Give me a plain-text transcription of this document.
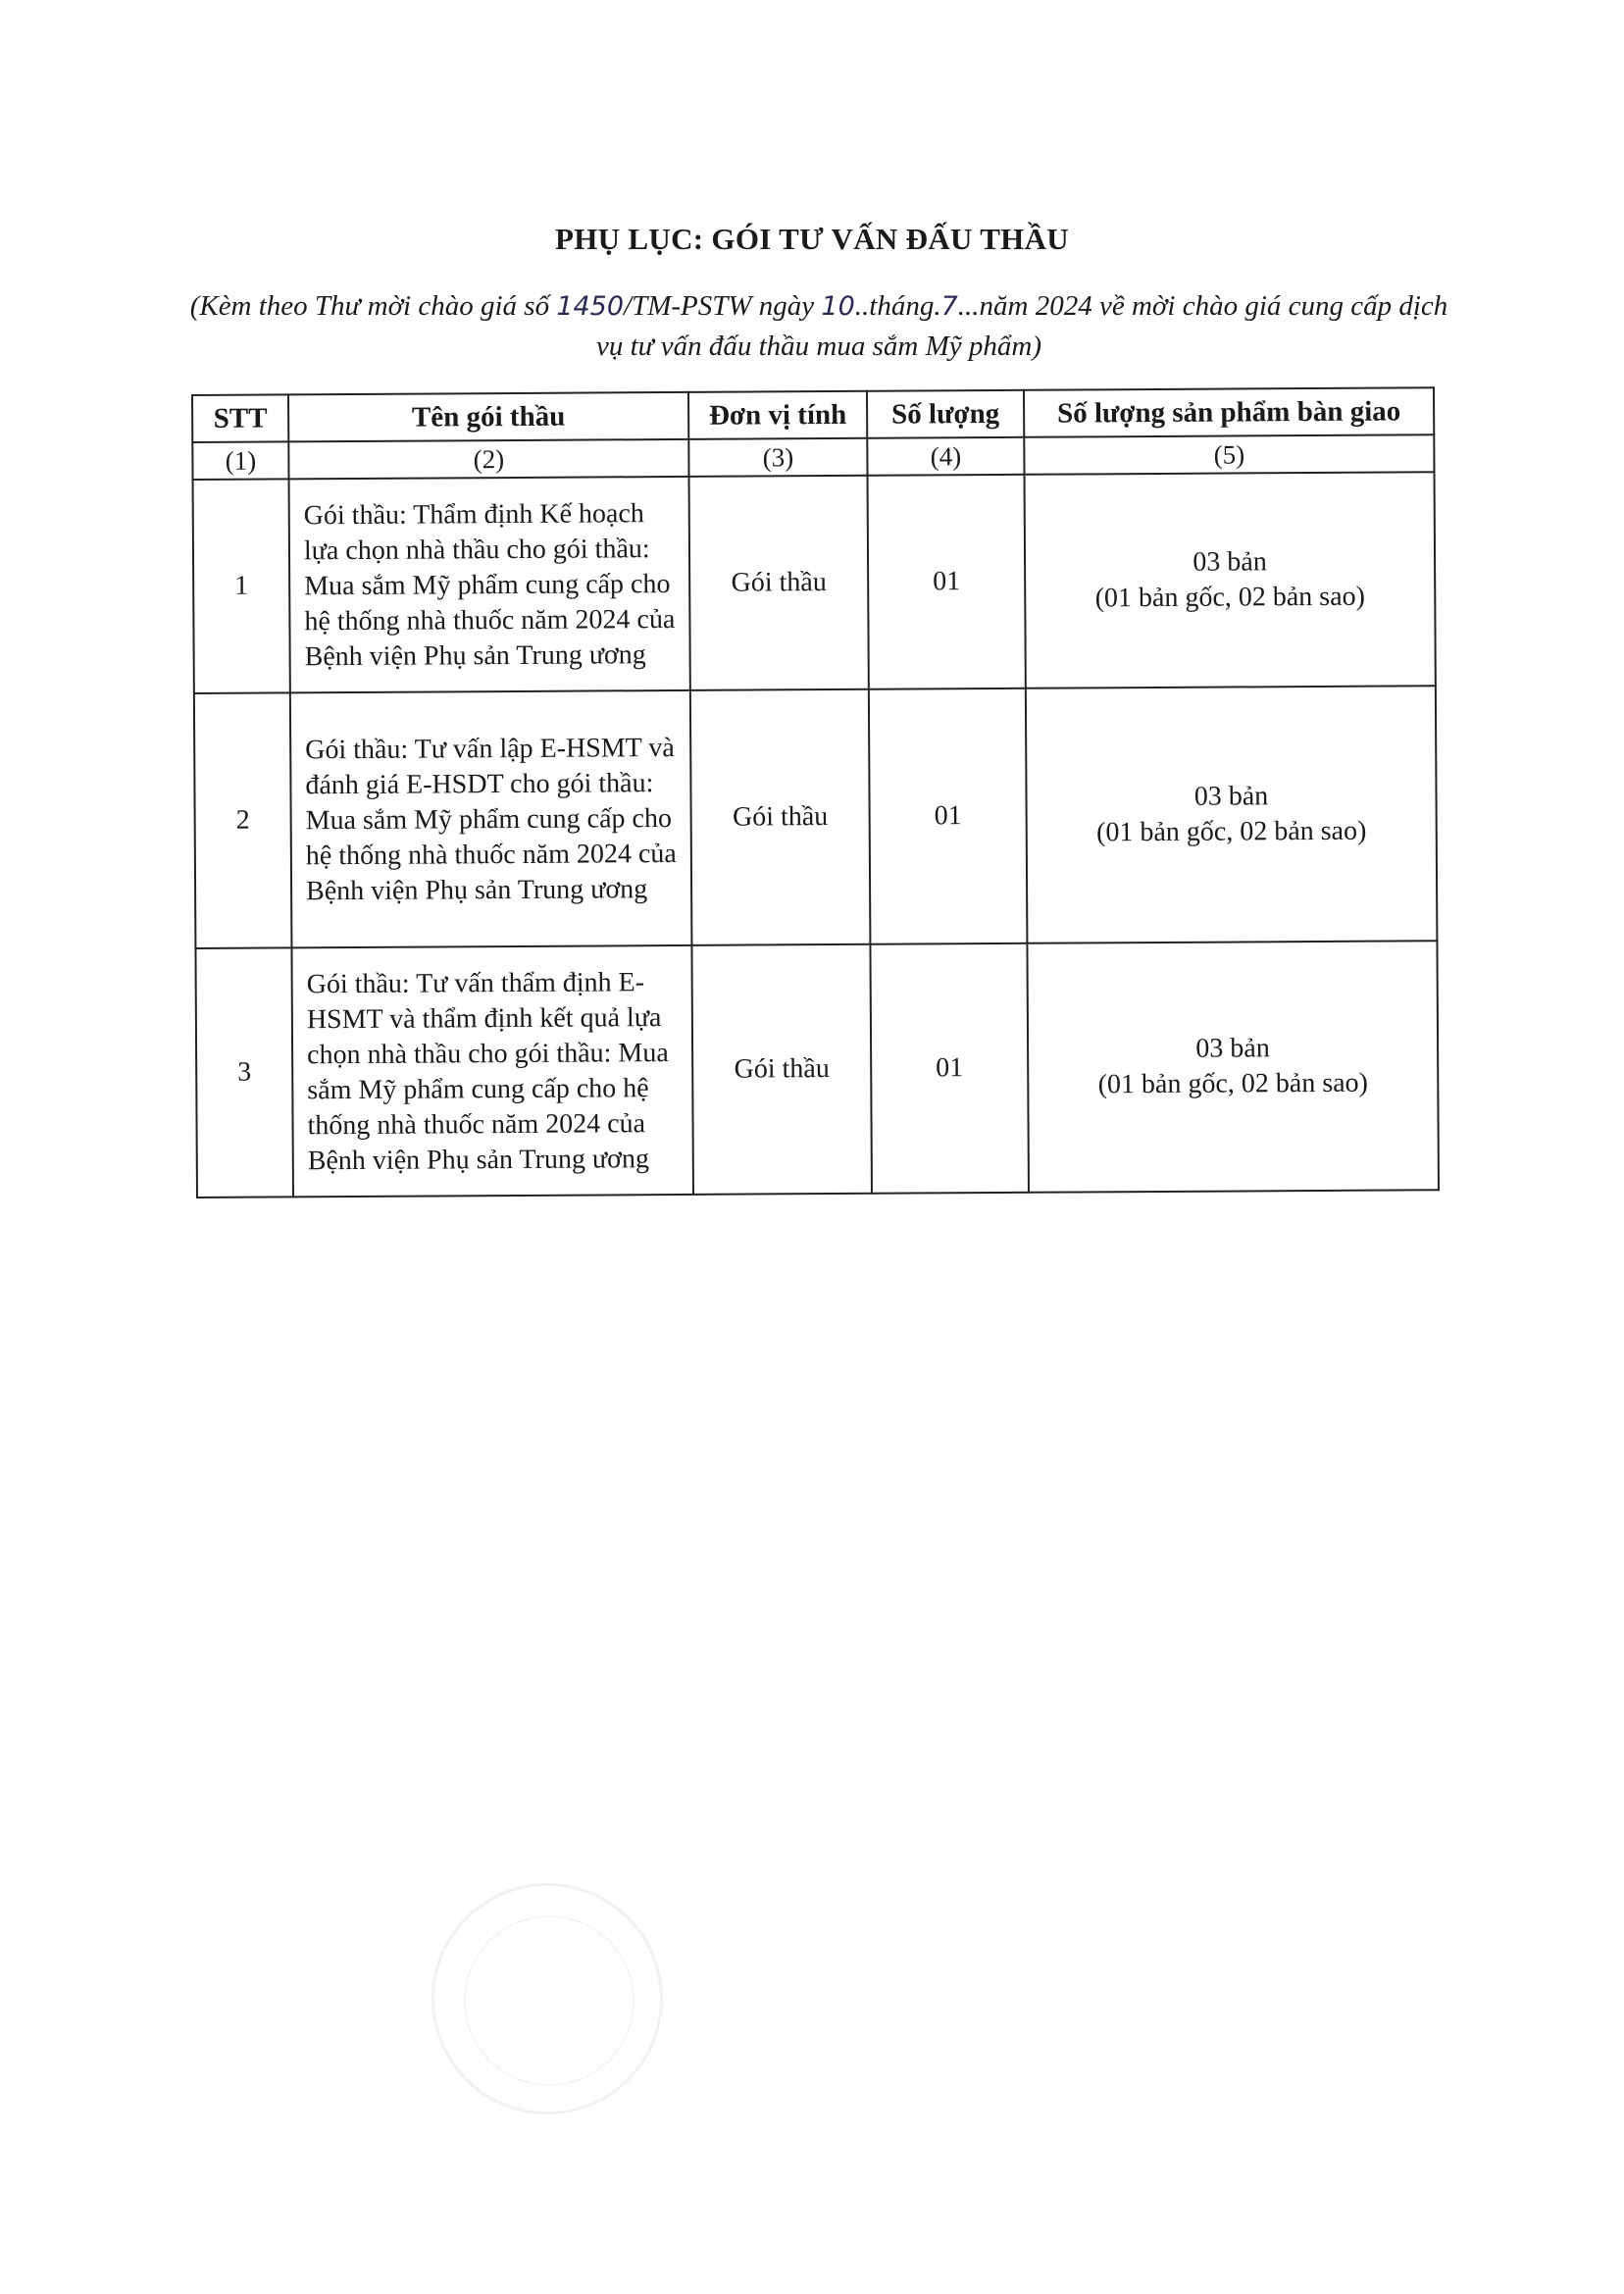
PHỤ LỤC: GÓI TƯ VẤN ĐẤU THẦU
(Kèm theo Thư mời chào giá số 1450/TM-PSTW ngày 10..tháng.7...năm 2024 về mời chào giá cung cấp dịch vụ tư vấn đấu thầu mua sắm Mỹ phẩm)
STT	Tên gói thầu	Đơn vị tính	Số lượng	Số lượng sản phẩm bàn giao
(1)	(2)	(3)	(4)	(5)
1	Gói thầu: Thẩm định Kế hoạch lựa chọn nhà thầu cho gói thầu: Mua sắm Mỹ phẩm cung cấp cho hệ thống nhà thuốc năm 2024 của Bệnh viện Phụ sản Trung ương	Gói thầu	01	03 bản
(01 bản gốc, 02 bản sao)

2	Gói thầu: Tư vấn lập E-HSMT và đánh giá E-HSDT cho gói thầu: Mua sắm Mỹ phẩm cung cấp cho hệ thống nhà thuốc năm 2024 của Bệnh viện Phụ sản Trung ương	Gói thầu	01	03 bản
(01 bản gốc, 02 bản sao)

3	Gói thầu: Tư vấn thẩm định E-HSMT và thẩm định kết quả lựa chọn nhà thầu cho gói thầu: Mua sắm Mỹ phẩm cung cấp cho hệ thống nhà thuốc năm 2024 của Bệnh viện Phụ sản Trung ương	Gói thầu	01	03 bản
(01 bản gốc, 02 bản sao)
